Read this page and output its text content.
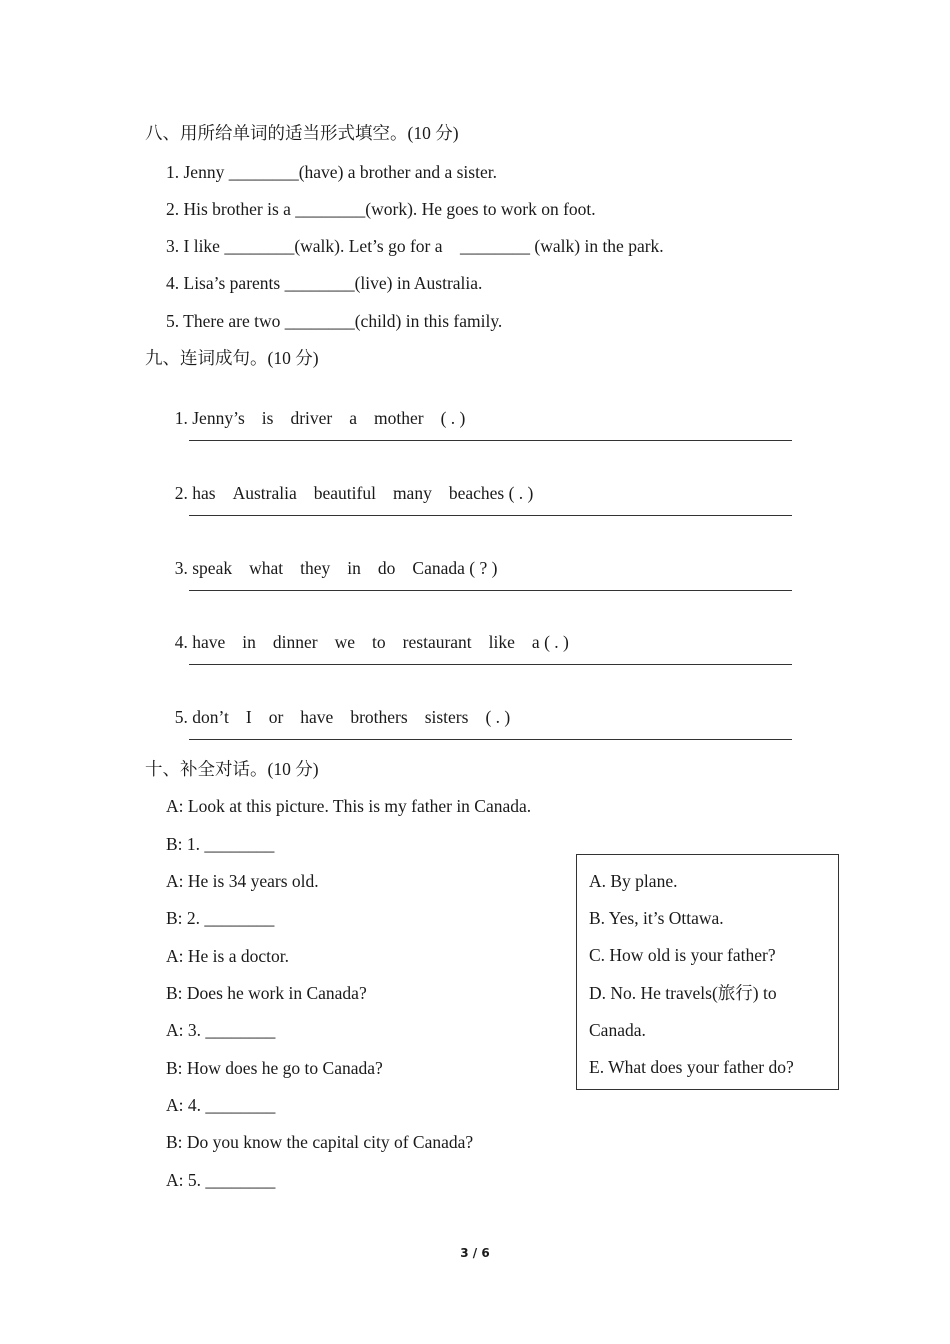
八、用所给单词的适当形式填空。(10 分)
1. Jenny ________(have) a brother and a sister.
2. His brother is a ________(work). He goes to work on foot.
3. I like ________(walk). Let’s go for a    ________ (walk) in the park.
4. Lisa’s parents ________(live) in Australia.
5. There are two ________(child) in this family.
九、连词成句。(10 分)

1. Jenny’s is driver a mother ( . )

2. has Australia beautiful many beaches ( . )

3. speak what they in do Canada ( ? )

4. have in dinner we to restaurant like a ( . )

5. don’t I or have brothers sisters ( . )

十、补全对话。(10 分)
A: Look at this picture. This is my father in Canada.
B: 1. ________
A: He is 34 years old.
B: 2. ________
A: He is a doctor.
B: Does he work in Canada?
A: 3. ________
B: How does he go to Canada?
A: 4. ________
B: Do you know the capital city of Canada?
A: 5. ________
A. By plane.
B. Yes, it’s Ottawa.
C. How old is your father?
D. No. He travels(旅行) to
Canada.
E. What does your father do?
3 / 6
